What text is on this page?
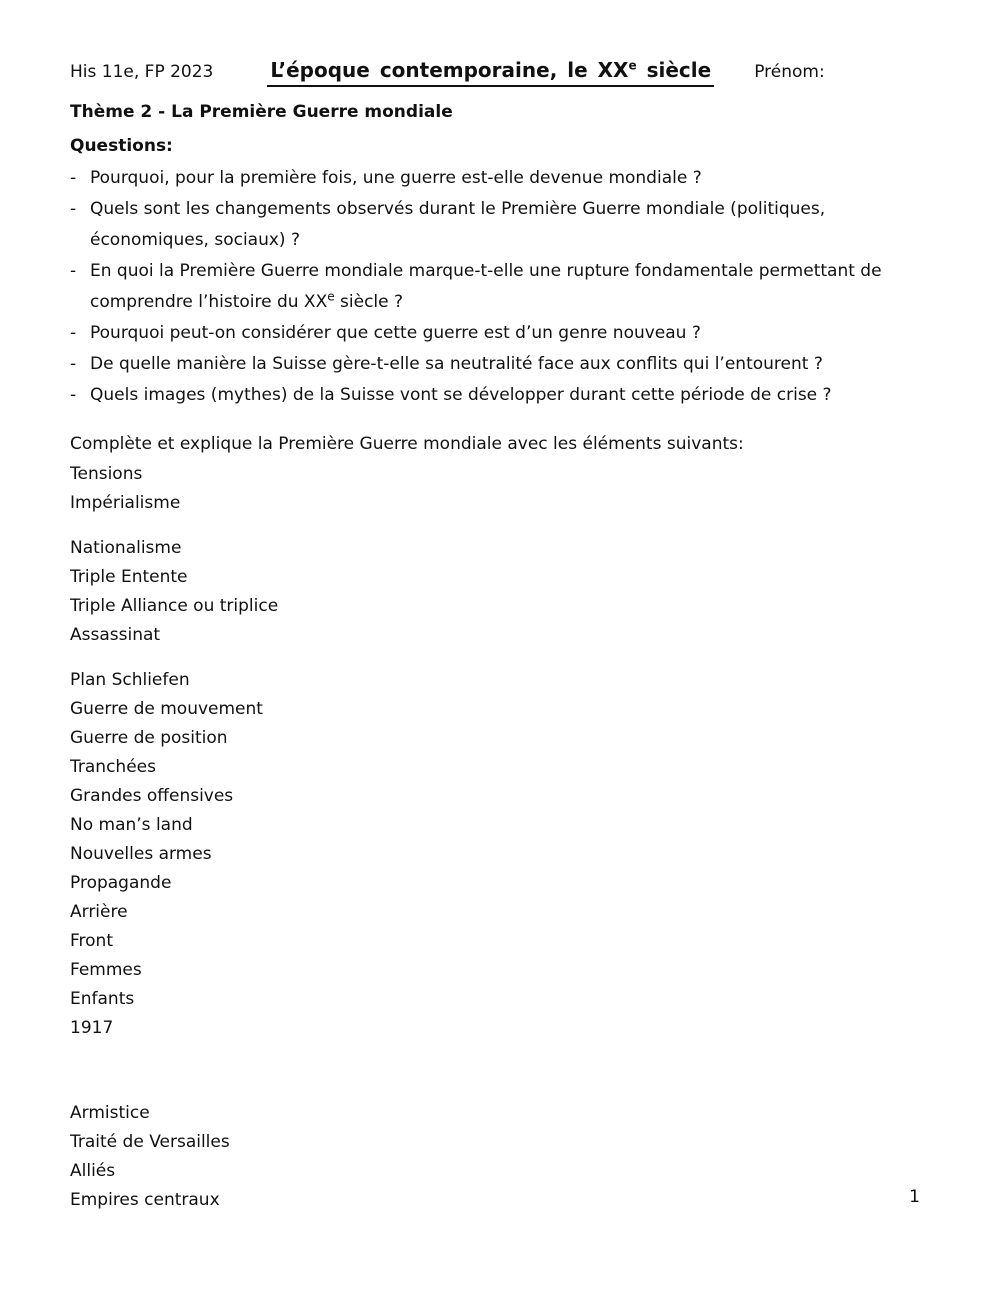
His 11e, FP 2023	L’époque contemporaine, le XXe siècle	Prénom:
Thème 2 - La Première Guerre mondiale
Questions:
- Pourquoi, pour la première fois, une guerre est-elle devenue mondiale ?
- Quels sont les changements observés durant le Première Guerre mondiale (politiques,
économiques, sociaux) ?
- En quoi la Première Guerre mondiale marque-t-elle une rupture fondamentale permettant de
comprendre l’histoire du XXe siècle ?
- Pourquoi peut-on considérer que cette guerre est d’un genre nouveau ?
- De quelle manière la Suisse gère-t-elle sa neutralité face aux conflits qui l’entourent ?
- Quels images (mythes) de la Suisse vont se développer durant cette période de crise ?
Complète et explique la Première Guerre mondiale avec les éléments suivants:
Tensions
Impérialisme
Nationalisme
Triple Entente
Triple Alliance ou triplice
Assassinat
Plan Schliefen
Guerre de mouvement
Guerre de position
Tranchées
Grandes offensives
No man’s land
Nouvelles armes
Propagande
Arrière
Front
Femmes
Enfants
1917
Armistice
Traité de Versailles
Alliés
Empires centraux	1
